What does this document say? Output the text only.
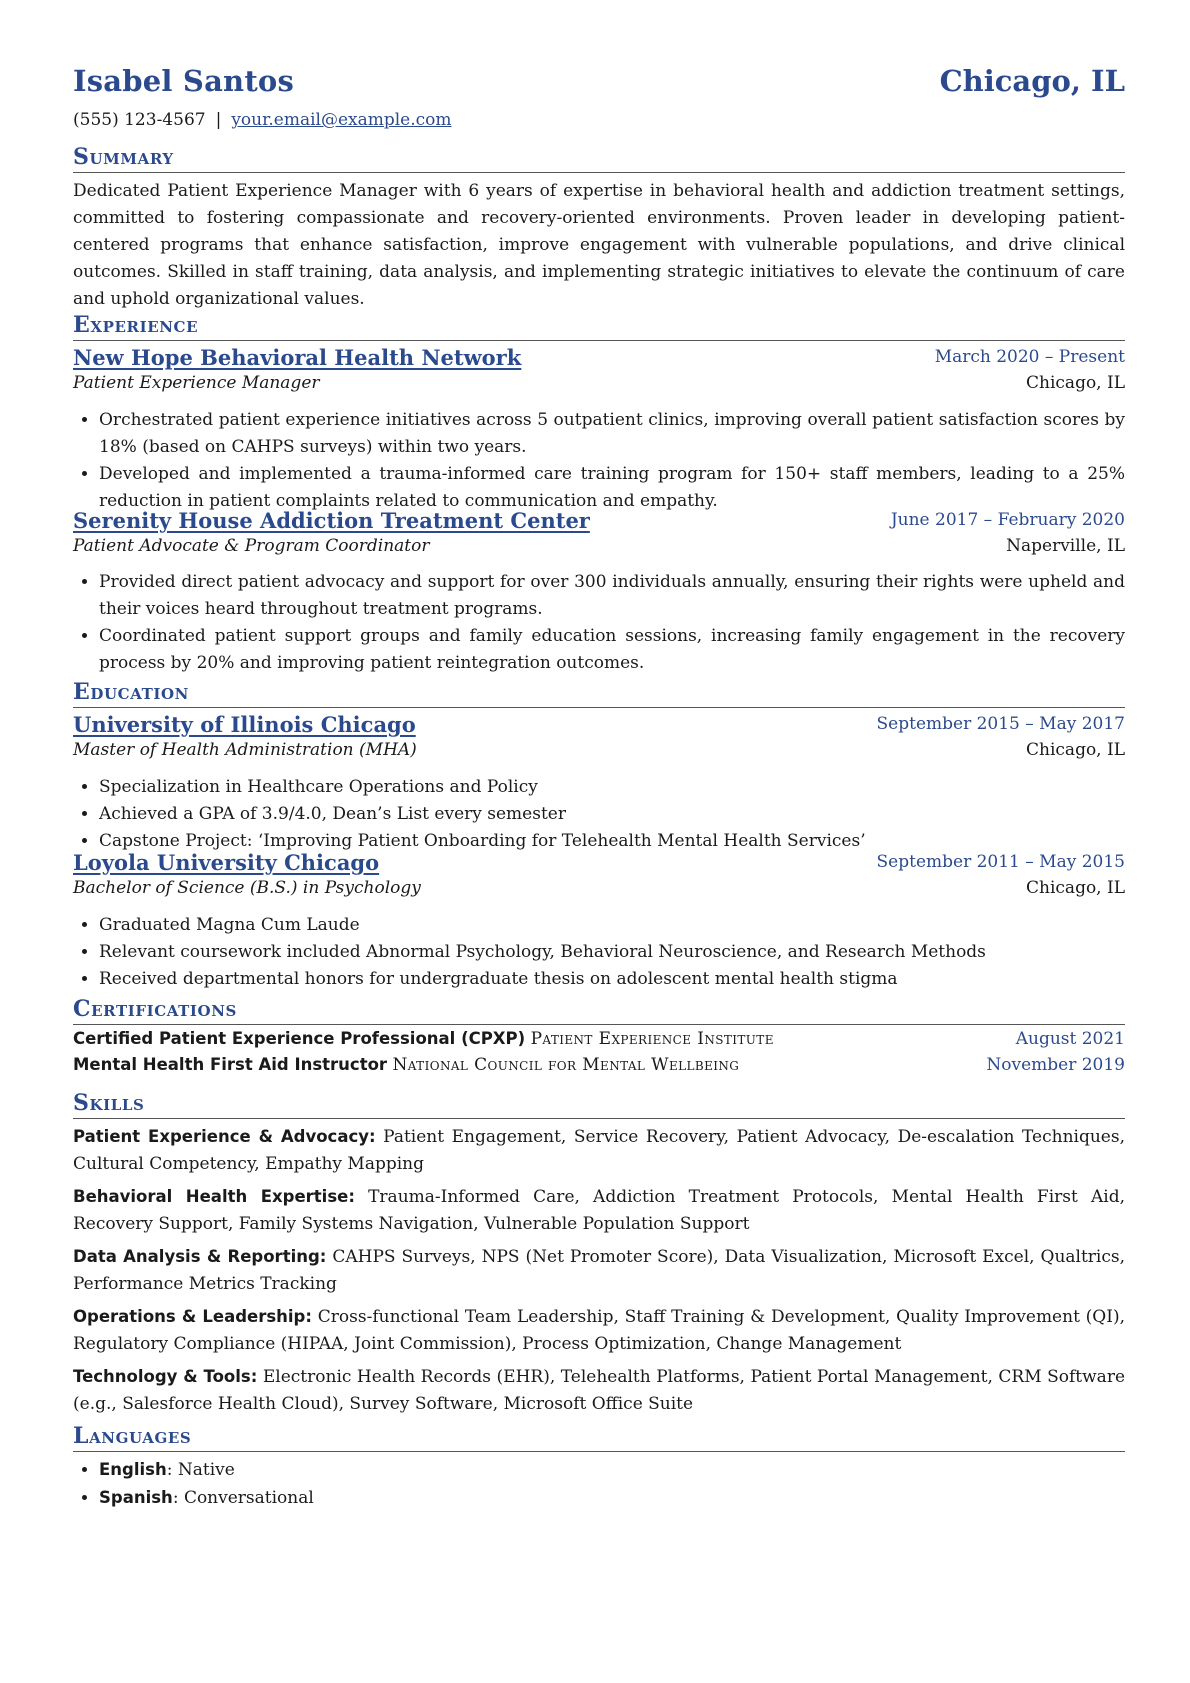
Isabel Santos	Chicago, IL
(555) 123-4567 | your.email@example.com
Summary
Dedicated Patient Experience Manager with 6 years of expertise in behavioral health and addiction treatment settings, committed to fostering compassionate and recovery-oriented environments. Proven leader in developing patient-centered programs that enhance satisfaction, improve engagement with vulnerable populations, and drive clinical outcomes. Skilled in staff training, data analysis, and implementing strategic initiatives to elevate the continuum of care and uphold organizational values.
Experience
New Hope Behavioral Health Network	March 2020 – Present
Patient Experience Manager	Chicago, IL
• Orchestrated patient experience initiatives across 5 outpatient clinics, improving overall patient satisfaction scores by 18% (based on CAHPS surveys) within two years.
• Developed and implemented a trauma-informed care training program for 150+ staff members, leading to a 25% reduction in patient complaints related to communication and empathy.
Serenity House Addiction Treatment Center	June 2017 – February 2020
Patient Advocate & Program Coordinator	Naperville, IL
• Provided direct patient advocacy and support for over 300 individuals annually, ensuring their rights were upheld and their voices heard throughout treatment programs.
• Coordinated patient support groups and family education sessions, increasing family engagement in the recovery process by 20% and improving patient reintegration outcomes.
Education
University of Illinois Chicago	September 2015 – May 2017
Master of Health Administration (MHA)	Chicago, IL
• Specialization in Healthcare Operations and Policy
• Achieved a GPA of 3.9/4.0, Dean’s List every semester
• Capstone Project: ‘Improving Patient Onboarding for Telehealth Mental Health Services’
Loyola University Chicago	September 2011 – May 2015
Bachelor of Science (B.S.) in Psychology	Chicago, IL
• Graduated Magna Cum Laude
• Relevant coursework included Abnormal Psychology, Behavioral Neuroscience, and Research Methods
• Received departmental honors for undergraduate thesis on adolescent mental health stigma
Certifications
Certified Patient Experience Professional (CPXP) Patient Experience Institute	August 2021
Mental Health First Aid Instructor National Council for Mental Wellbeing	November 2019
Skills
Patient Experience & Advocacy: Patient Engagement, Service Recovery, Patient Advocacy, De-escalation Techniques, Cultural Competency, Empathy Mapping
Behavioral Health Expertise: Trauma-Informed Care, Addiction Treatment Protocols, Mental Health First Aid, Recovery Support, Family Systems Navigation, Vulnerable Population Support
Data Analysis & Reporting: CAHPS Surveys, NPS (Net Promoter Score), Data Visualization, Microsoft Excel, Qualtrics, Performance Metrics Tracking
Operations & Leadership: Cross-functional Team Leadership, Staff Training & Development, Quality Improvement (QI), Regulatory Compliance (HIPAA, Joint Commission), Process Optimization, Change Management
Technology & Tools: Electronic Health Records (EHR), Telehealth Platforms, Patient Portal Management, CRM Software (e.g., Salesforce Health Cloud), Survey Software, Microsoft Office Suite
Languages
• English: Native
• Spanish: Conversational
